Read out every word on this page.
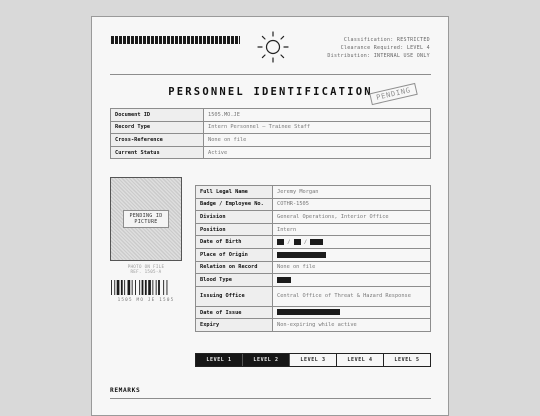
Classification: RESTRICTED
Clearance Required: LEVEL 4
Distribution: INTERNAL USE ONLY
PERSONNEL IDENTIFICATION PENDING
Document ID	1505.MO.JE
Record Type	Intern Personnel — Trainee Staff
Cross-Reference	None on file
Current Status	Active
PENDING ID PICTURE
PHOTO ON FILE
REF. 1505-A
1505 MO JE 1505
Full Legal Name	Jeremy Morgan
Badge / Employee No.	COTHR-1505
Division	General Operations, Interior Office
Position	Intern
Date of Birth	/ /
Place of Origin	
Relation on Record	None on file
Blood Type	
Issuing Office	Central Office of Threat & Hazard Response
Date of Issue	
Expiry	Non-expiring while active
LEVEL 1	LEVEL 2	LEVEL 3	LEVEL 4	LEVEL 5
REMARKS
